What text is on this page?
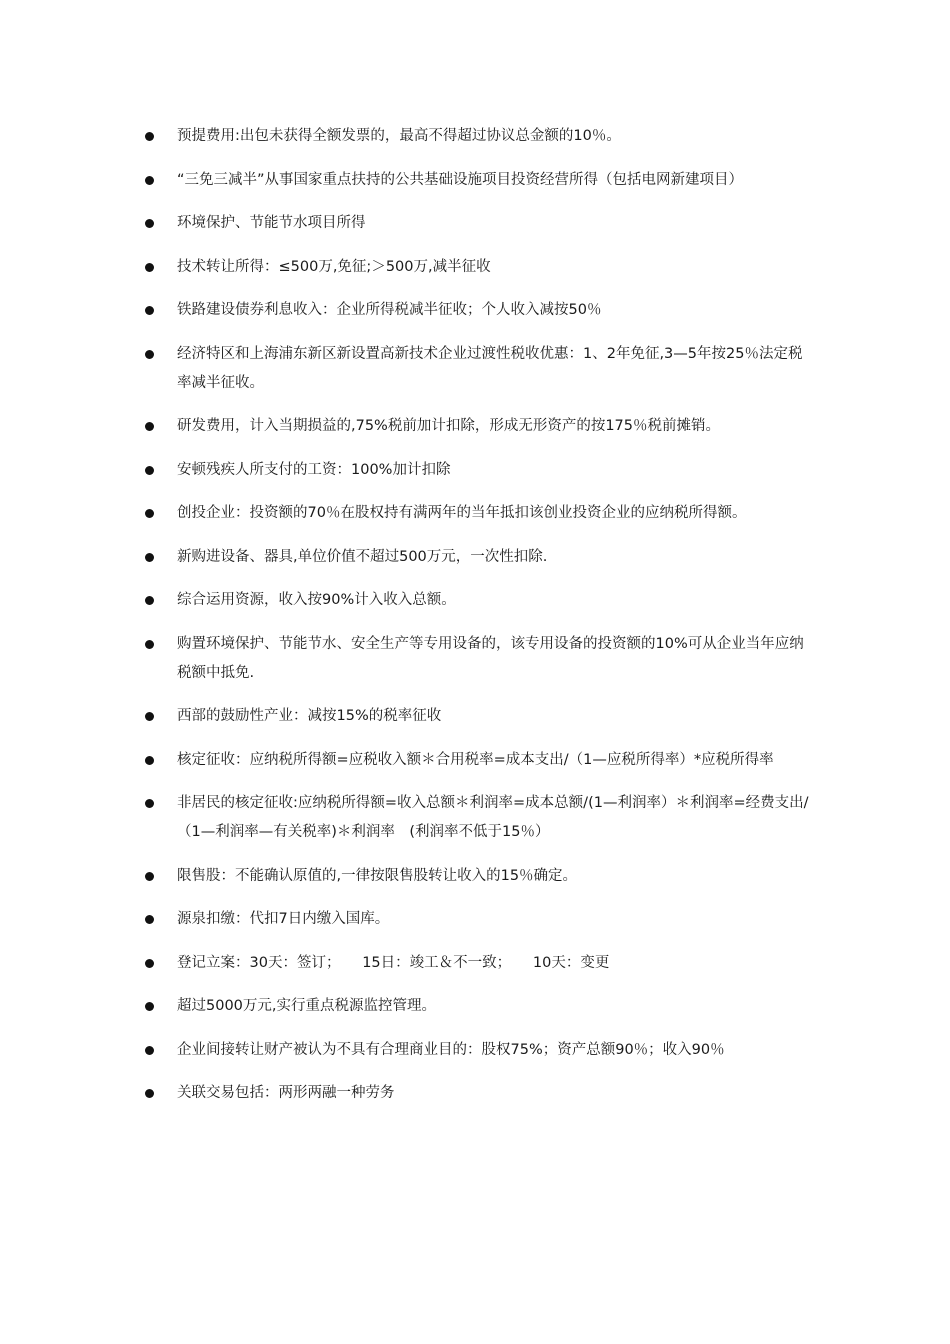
预提费用:出包未获得全额发票的，最高不得超过协议总金额的10％。
“三免三减半”从事国家重点扶持的公共基础设施项目投资经营所得（包括电网新建项目）
环境保护、节能节水项目所得
技术转让所得：≤500万,免征;＞500万,减半征收
铁路建设债券利息收入：企业所得税减半征收；个人收入减按50％
经济特区和上海浦东新区新设置高新技术企业过渡性税收优惠：1、2年免征,3—5年按25％法定税率减半征收。
研发费用，计入当期损益的,75%税前加计扣除，形成无形资产的按175％税前摊销。
安顿残疾人所支付的工资：100%加计扣除
创投企业：投资额的70％在股权持有满两年的当年抵扣该创业投资企业的应纳税所得额。
新购进设备、器具,单位价值不超过500万元，一次性扣除.
综合运用资源，收入按90%计入收入总额。
购置环境保护、节能节水、安全生产等专用设备的，该专用设备的投资额的10%可从企业当年应纳税额中抵免.
西部的鼓励性产业：减按15%的税率征收
核定征收：应纳税所得额=应税收入额＊合用税率=成本支出/（1—应税所得率）*应税所得率
非居民的核定征收:应纳税所得额=收入总额＊利润率=成本总额/(1—利润率）＊利润率=经费支出/（1—利润率—有关税率)＊利润率　(利润率不低于15％）
限售股：不能确认原值的,一律按限售股转让收入的15％确定。
源泉扣缴：代扣7日内缴入国库。
登记立案：30天：签订；　　15日：竣工＆不一致；　　10天：变更
超过5000万元,实行重点税源监控管理。
企业间接转让财产被认为不具有合理商业目的：股权75%；资产总额90％；收入90％
关联交易包括：两形两融一种劳务
